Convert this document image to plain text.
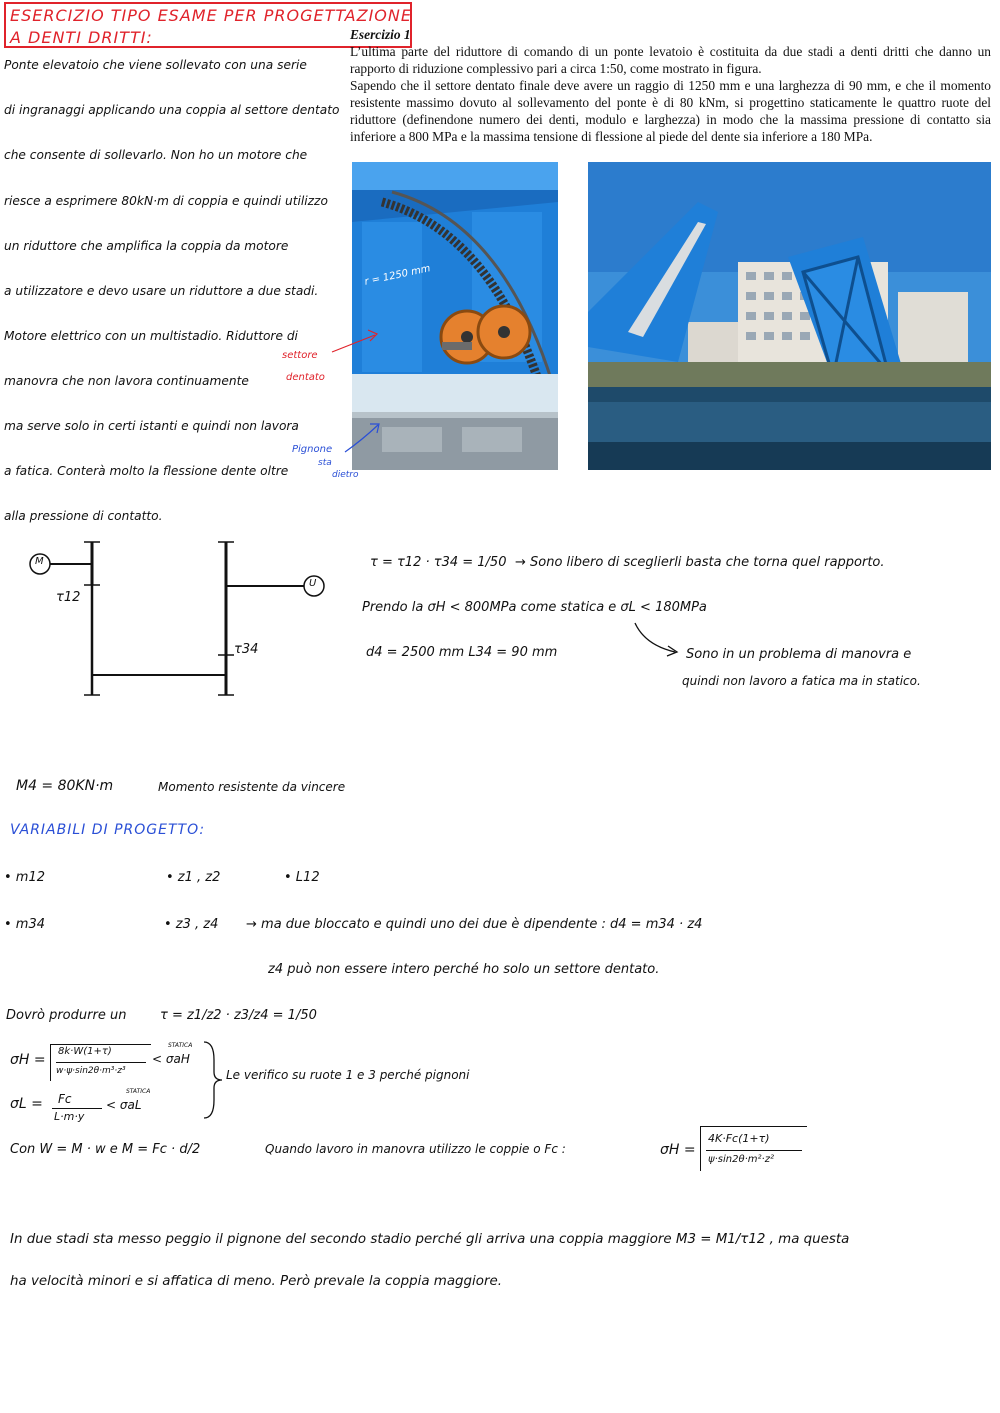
ESERCIZIO TIPO ESAME PER PROGETTAZIONE
A DENTI DRITTI:	Esercizio 1

L’ultima parte del riduttore di comando di un ponte levatoio è costituita da due stadi a denti dritti che danno un rapporto di riduzione complessivo pari a circa 1:50, come mostrato in figura.

Sapendo che il settore dentato finale deve avere un raggio di 1250 mm e una larghezza di 90 mm, e che il momento resistente massimo dovuto al sollevamento del ponte è di 80 kNm, si progettino staticamente le quattro ruote del riduttore (definendone numero dei denti, modulo e larghezza) in modo che la massima pressione di contatto sia inferiore a 800 MPa e la massima tensione di flessione al piede del dente sia inferiore a 180 MPa.

r = 1250 mm
Ponte elevatoio che viene sollevato con una serie
di ingranaggi applicando una coppia al settore dentato
che consente di sollevarlo. Non ho un motore che
riesce a esprimere 80kN·m di coppia e quindi utilizzo
un riduttore che amplifica la coppia da motore
a utilizzatore e devo usare un riduttore a due stadi.
Motore elettrico con un multistadio. Riduttore di
manovra che non lavora continuamente
ma serve solo in certi istanti e quindi non lavora
a fatica. Conterà molto la flessione dente oltre
alla pressione di contatto.
settore
dentato
Pignone
sta
dietro
M
U
τ12
τ34
τ = τ12 · τ34 = 1/50 → Sono libero di sceglierli basta che torna quel rapporto.
Prendo la σH < 800MPa come statica e σL < 180MPa
d4 = 2500 mm L34 = 90 mm	Sono in un problema di manovra e
quindi non lavoro a fatica ma in statico.
M4 = 80KN·m	Momento resistente da vincere
VARIABILI DI PROGETTO:
• m12	• z1 , z2	• L12
• m34	• z3 , z4 → ma due bloccato e quindi uno dei due è dipendente : d4 = m34 · z4
z4 può non essere intero perché ho solo un settore dentato.
Dovrò produrre un	τ = z1/z2 · z3/z4 = 1/50
σH =
8k·W(1+τ)
w·ψ·sin2θ·m³·z³
< σaH
STATICA
σL = Fc
L·m·y
< σaL
STATICA
Le verifico su ruote 1 e 3 perché pignoni
Con W = M · w e M = Fc · d/2	Quando lavoro in manovra utilizzo le coppie o Fc :	σH =
4K·Fc(1+τ)
ψ·sin2θ·m²·z²
In due stadi sta messo peggio il pignone del secondo stadio perché gli arriva una coppia maggiore M3 = M1/τ12 , ma questa
ha velocità minori e si affatica di meno. Però prevale la coppia maggiore.
